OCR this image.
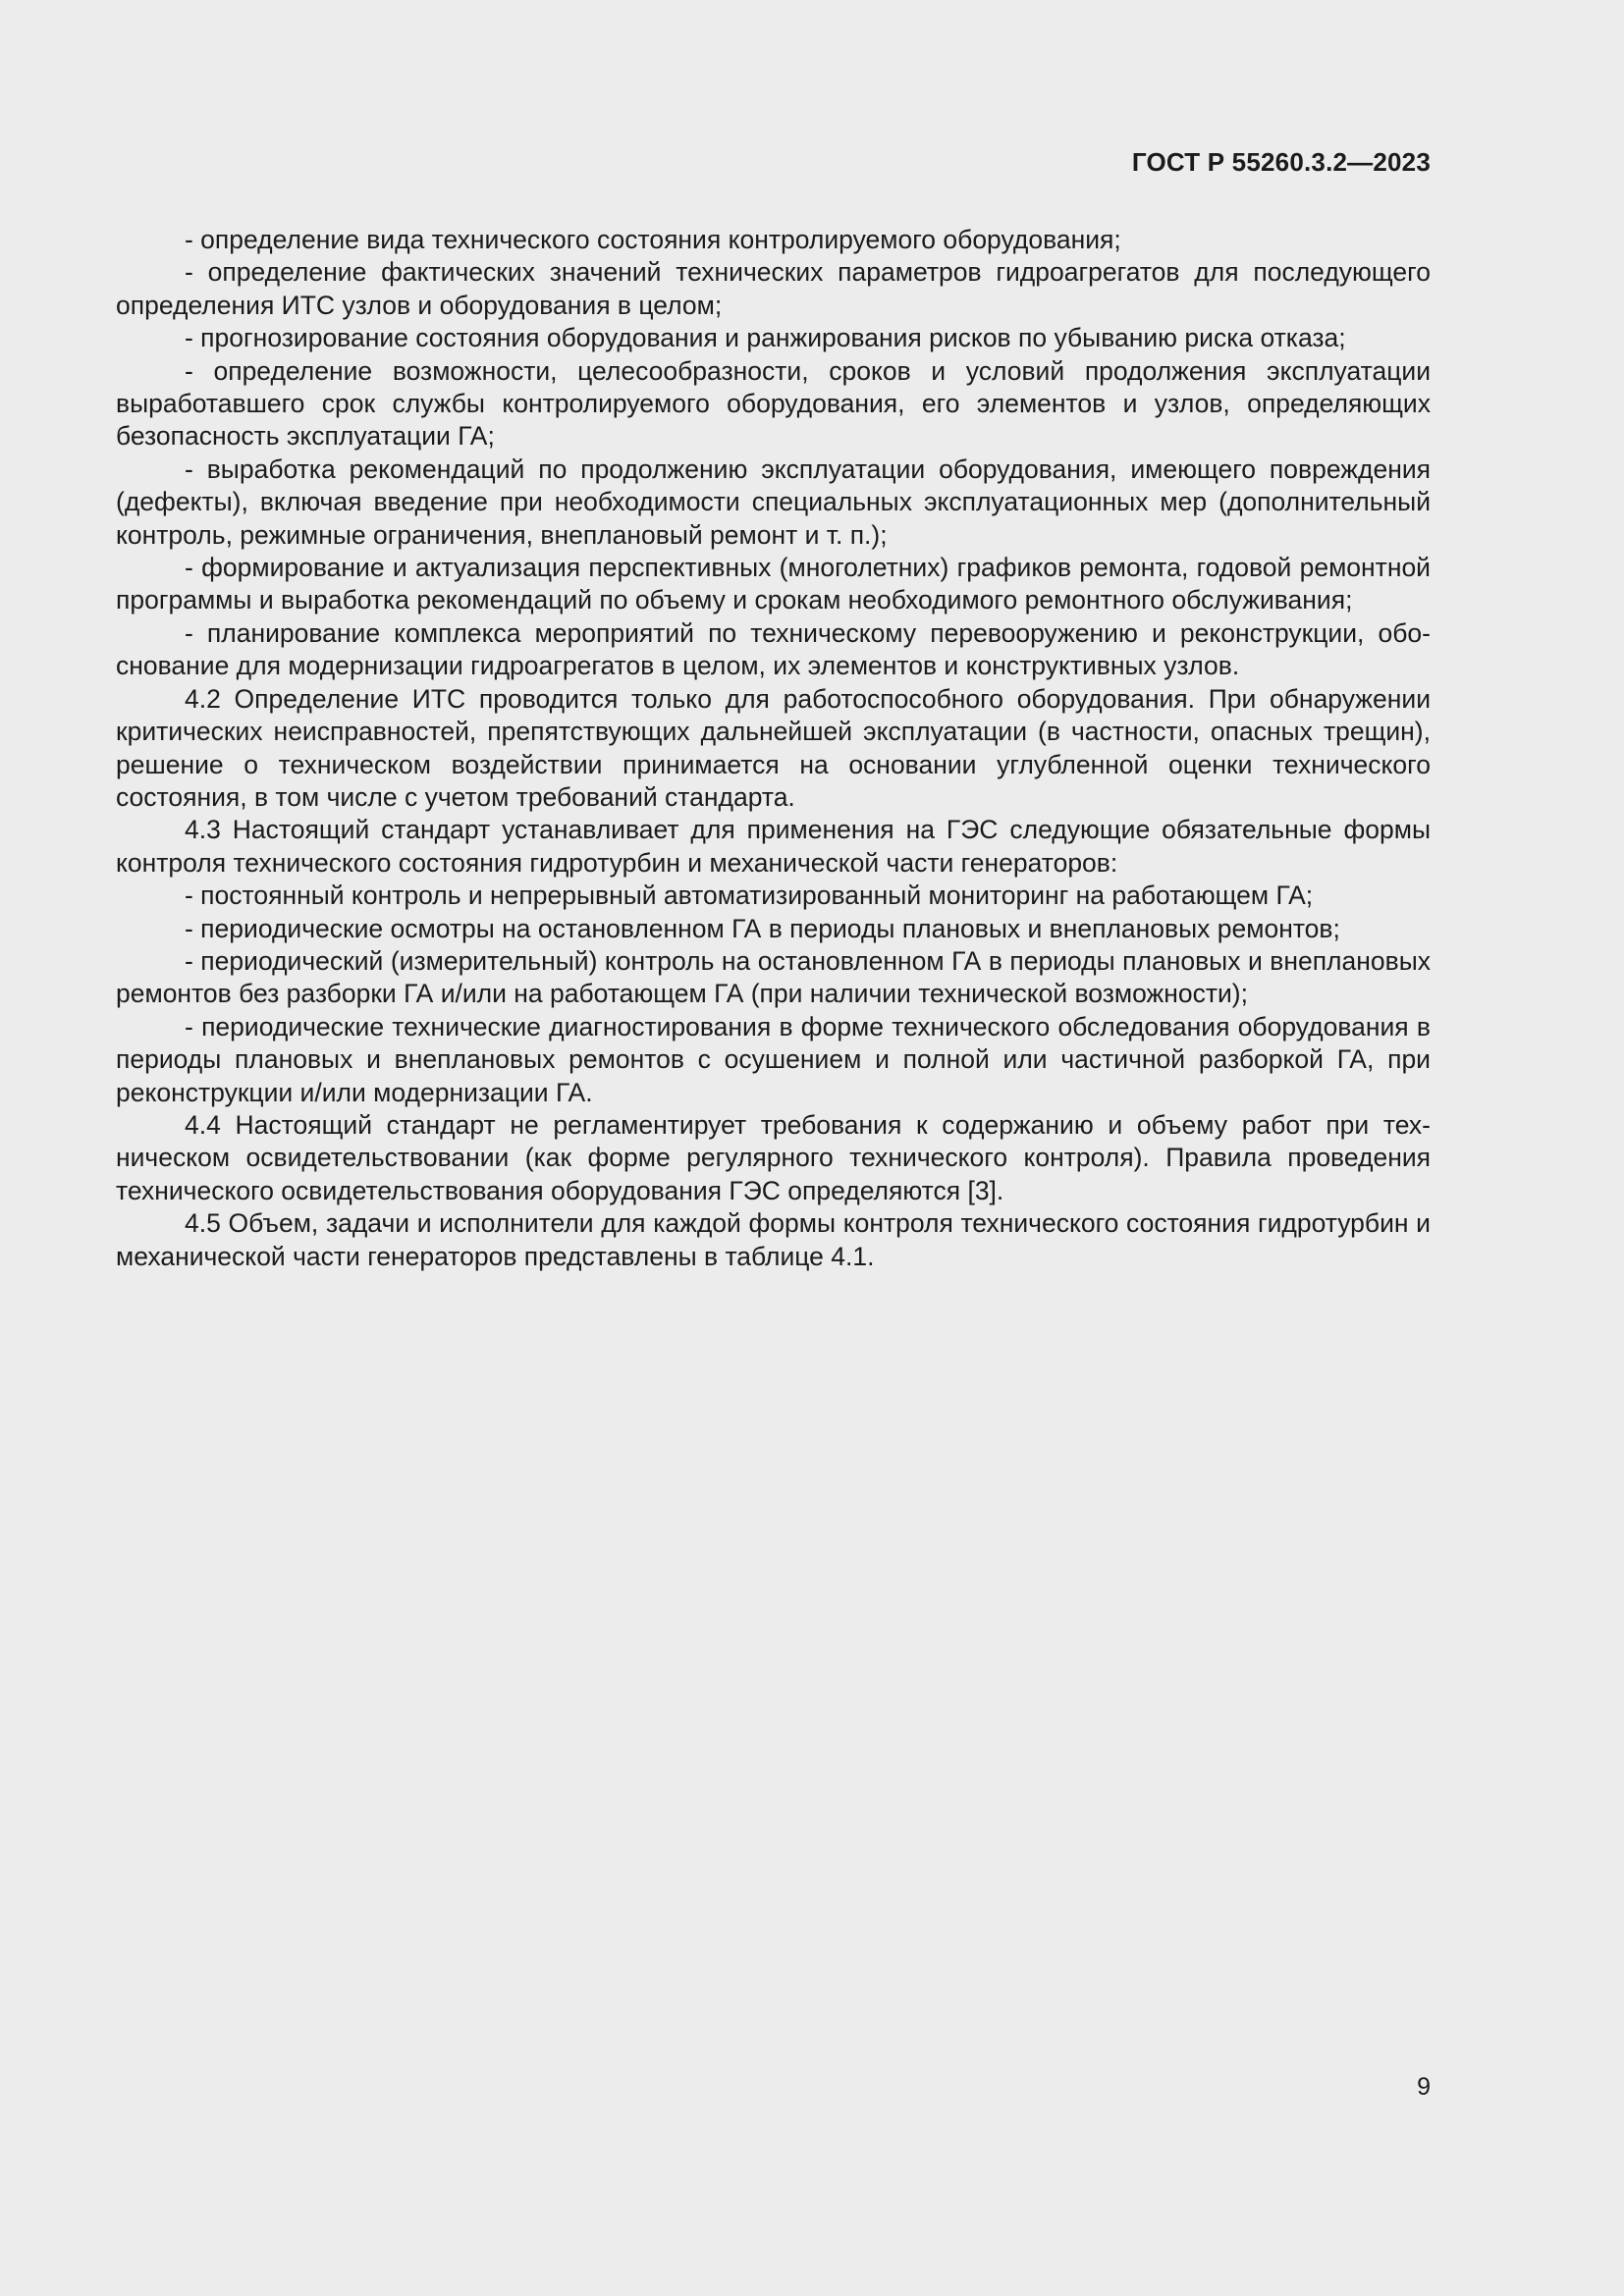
ГОСТ Р 55260.3.2—2023

- определение вида технического состояния контролируемого оборудования;

- определение фактических значений технических параметров гидроагрегатов для последующего определения ИТС узлов и оборудования в целом;

- прогнозирование состояния оборудования и ранжирования рисков по убыванию риска отказа;

- определение возможности, целесообразности, сроков и условий продолжения эксплуатации выработавшего срок службы контролируемого оборудования, его элементов и узлов, определяющих безопасность эксплуатации ГА;

- выработка рекомендаций по продолжению эксплуатации оборудования, имеющего повреждения (дефекты), включая введение при необходимости специальных эксплуатационных мер (дополнительный контроль, режимные ограничения, внеплановый ремонт и т. п.);

- формирование и актуализация перспективных (многолетних) графиков ремонта, годовой ремонтной программы и выработка рекомендаций по объему и срокам необходимого ремонтного обслуживания;

- планирование комплекса мероприятий по техническому перевооружению и реконструкции, обоснование для модернизации гидроагрегатов в целом, их элементов и конструктивных узлов.

4.2 Определение ИТС проводится только для работоспособного оборудования. При обнаружении критических неисправностей, препятствующих дальнейшей эксплуатации (в частности, опасных трещин), решение о техническом воздействии принимается на основании углубленной оценки технического состояния, в том числе с учетом требований стандарта.

4.3 Настоящий стандарт устанавливает для применения на ГЭС следующие обязательные формы контроля технического состояния гидротурбин и механической части генераторов:

- постоянный контроль и непрерывный автоматизированный мониторинг на работающем ГА;

- периодические осмотры на остановленном ГА в периоды плановых и внеплановых ремонтов;

- периодический (измерительный) контроль на остановленном ГА в периоды плановых и внеплановых ремонтов без разборки ГА и/или на работающем ГА (при наличии технической возможности);

- периодические технические диагностирования в форме технического обследования оборудования в периоды плановых и внеплановых ремонтов с осушением и полной или частичной разборкой ГА, при реконструкции и/или модернизации ГА.

4.4 Настоящий стандарт не регламентирует требования к содержанию и объему работ при техническом освидетельствовании (как форме регулярного технического контроля). Правила проведения технического освидетельствования оборудования ГЭС определяются [3].

4.5 Объем, задачи и исполнители для каждой формы контроля технического состояния гидротурбин и механической части генераторов представлены в таблице 4.1.

9
